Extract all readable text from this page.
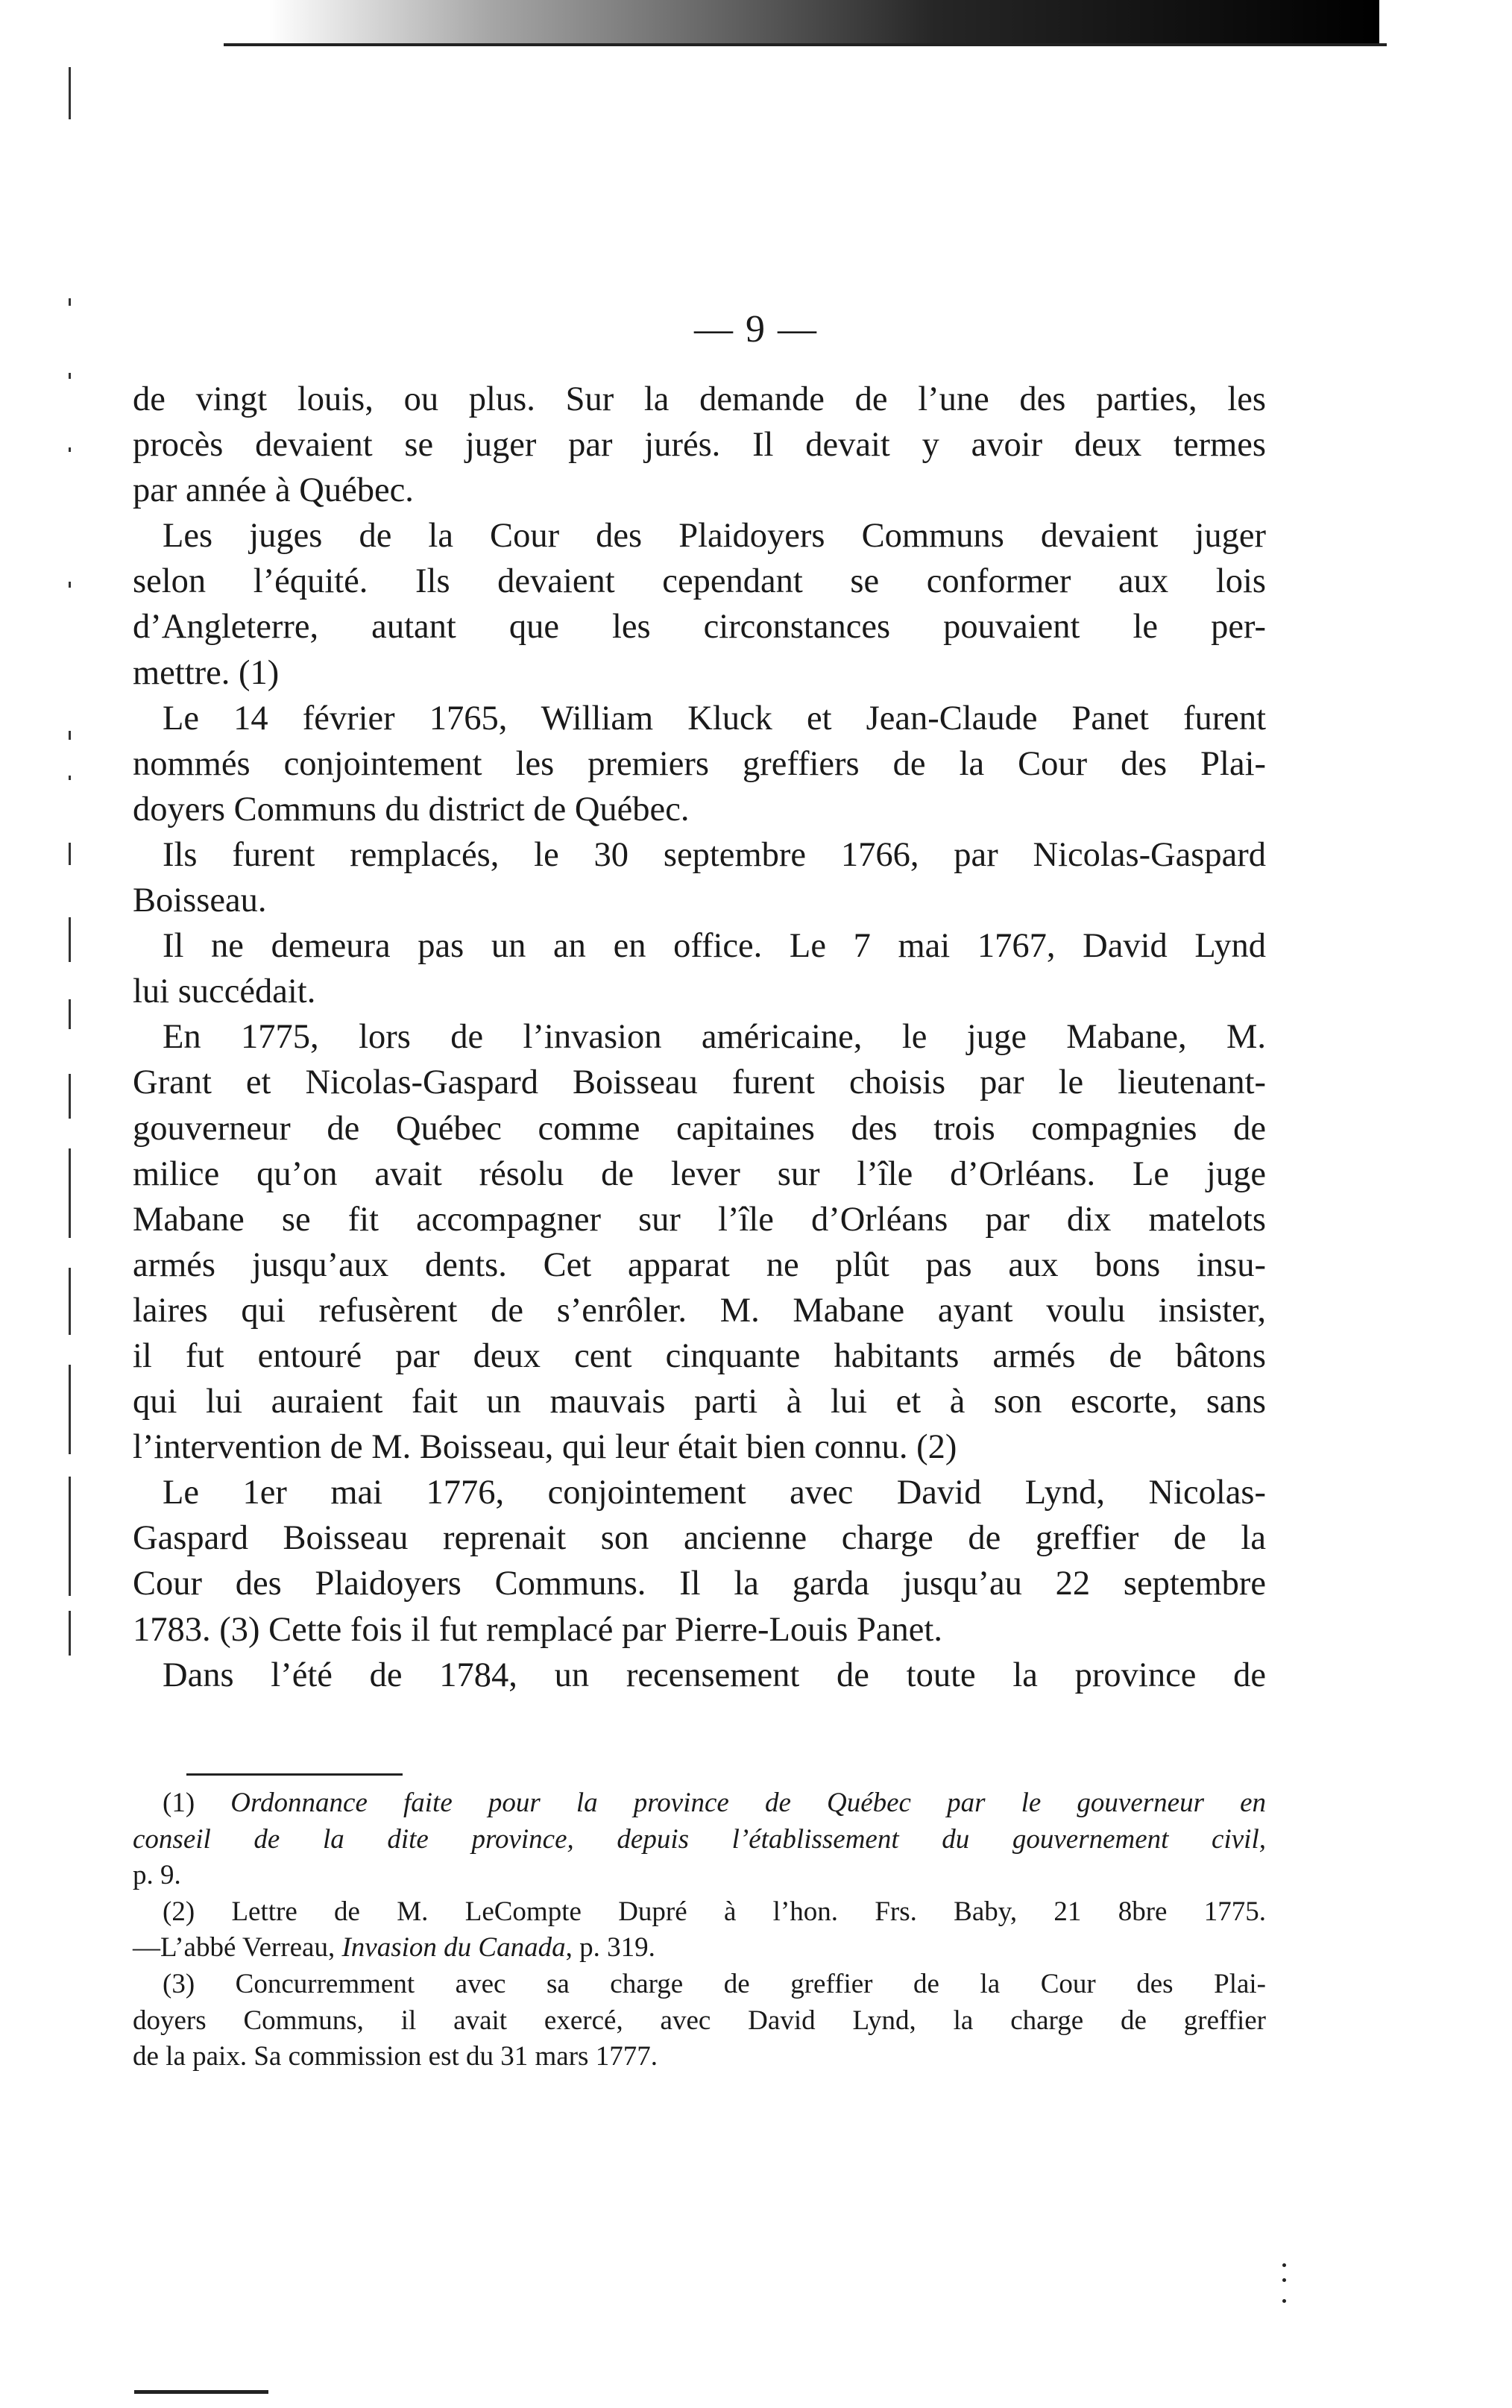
— 9 —
de vingt louis, ou plus. Sur la demande de l’une des parties, les
procès devaient se juger par jurés. Il devait y avoir deux termes
par année à Québec.
Les juges de la Cour des Plaidoyers Communs devaient juger
selon l’équité. Ils devaient cependant se conformer aux lois
d’Angleterre, autant que les circonstances pouvaient le per-
mettre. (1)
Le 14 février 1765, William Kluck et Jean-Claude Panet furent
nommés conjointement les premiers greffiers de la Cour des Plai-
doyers Communs du district de Québec.
Ils furent remplacés, le 30 septembre 1766, par Nicolas-Gaspard
Boisseau.
Il ne demeura pas un an en office. Le 7 mai 1767, David Lynd
lui succédait.
En 1775, lors de l’invasion américaine, le juge Mabane, M.
Grant et Nicolas-Gaspard Boisseau furent choisis par le lieutenant-
gouverneur de Québec comme capitaines des trois compagnies de
milice qu’on avait résolu de lever sur l’île d’Orléans. Le juge
Mabane se fit accompagner sur l’île d’Orléans par dix matelots
armés jusqu’aux dents. Cet apparat ne plût pas aux bons insu-
laires qui refusèrent de s’enrôler. M. Mabane ayant voulu insister,
il fut entouré par deux cent cinquante habitants armés de bâtons
qui lui auraient fait un mauvais parti à lui et à son escorte, sans
l’intervention de M. Boisseau, qui leur était bien connu. (2)
Le 1er mai 1776, conjointement avec David Lynd, Nicolas-
Gaspard Boisseau reprenait son ancienne charge de greffier de la
Cour des Plaidoyers Communs. Il la garda jusqu’au 22 septembre
1783. (3) Cette fois il fut remplacé par Pierre-Louis Panet.
Dans l’été de 1784, un recensement de toute la province de
(1) Ordonnance faite pour la province de Québec par le gouverneur en
conseil de la dite province, depuis l’établissement du gouvernement civil,
p. 9.
(2) Lettre de M. LeCompte Dupré à l’hon. Frs. Baby, 21 8bre 1775.
—L’abbé Verreau, Invasion du Canada, p. 319.
(3) Concurremment avec sa charge de greffier de la Cour des Plai-
doyers Communs, il avait exercé, avec David Lynd, la charge de greffier
de la paix. Sa commission est du 31 mars 1777.
